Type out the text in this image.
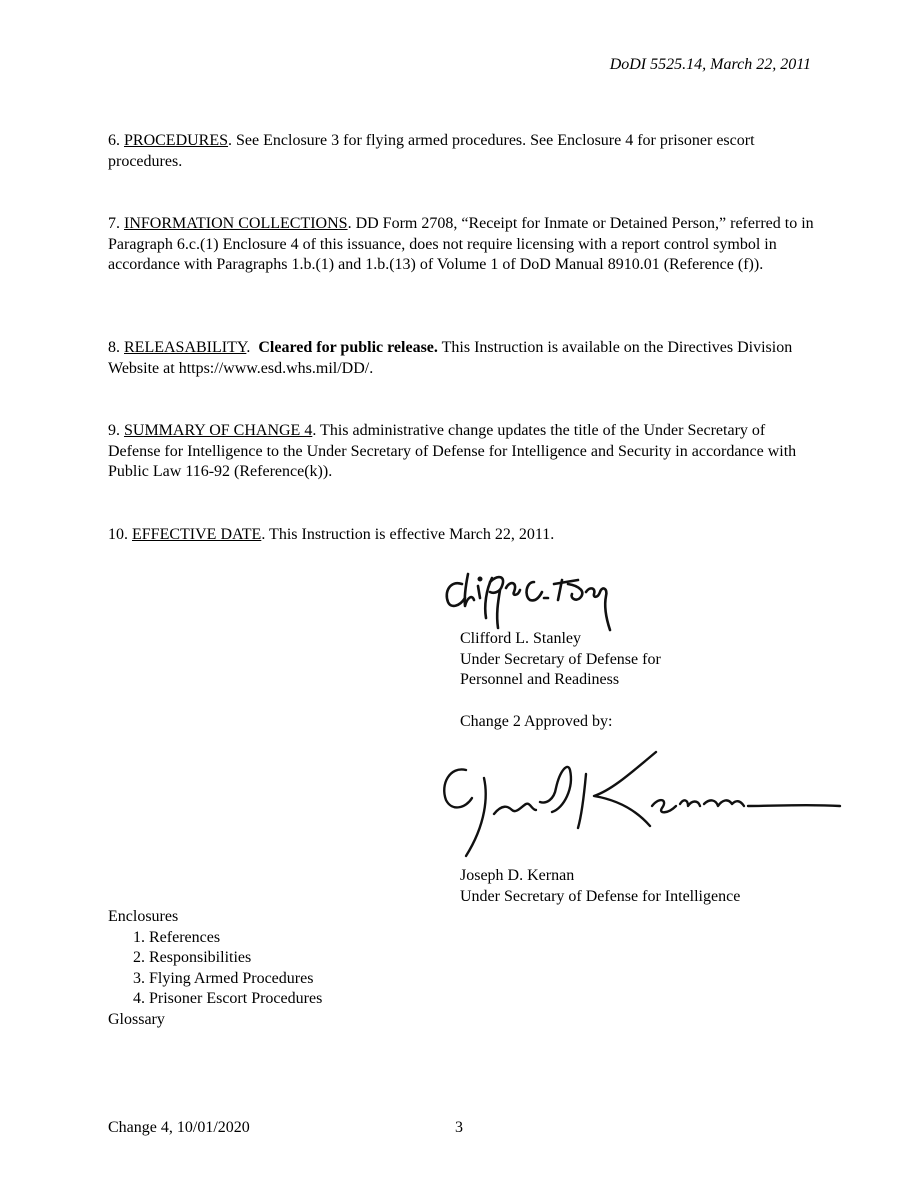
DoDI 5525.14, March 22, 2011
6. PROCEDURES. See Enclosure 3 for flying armed procedures. See Enclosure 4 for prisoner escort procedures.
7. INFORMATION COLLECTIONS. DD Form 2708, “Receipt for Inmate or Detained Person,” referred to in Paragraph 6.c.(1) Enclosure 4 of this issuance, does not require licensing with a report control symbol in accordance with Paragraphs 1.b.(1) and 1.b.(13) of Volume 1 of DoD Manual 8910.01 (Reference (f)).
8. RELEASABILITY.  Cleared for public release. This Instruction is available on the Directives Division Website at https://www.esd.whs.mil/DD/.
9. SUMMARY OF CHANGE 4. This administrative change updates the title of the Under Secretary of Defense for Intelligence to the Under Secretary of Defense for Intelligence and Security in accordance with Public Law 116-92 (Reference(k)).
10. EFFECTIVE DATE. This Instruction is effective March 22, 2011.
Clifford L. Stanley
Under Secretary of Defense for
Personnel and Readiness
Change 2 Approved by:
Joseph D. Kernan
Under Secretary of Defense for Intelligence
Enclosures
1. References
2. Responsibilities
3. Flying Armed Procedures
4. Prisoner Escort Procedures
Glossary
Change 4, 10/01/2020	3
